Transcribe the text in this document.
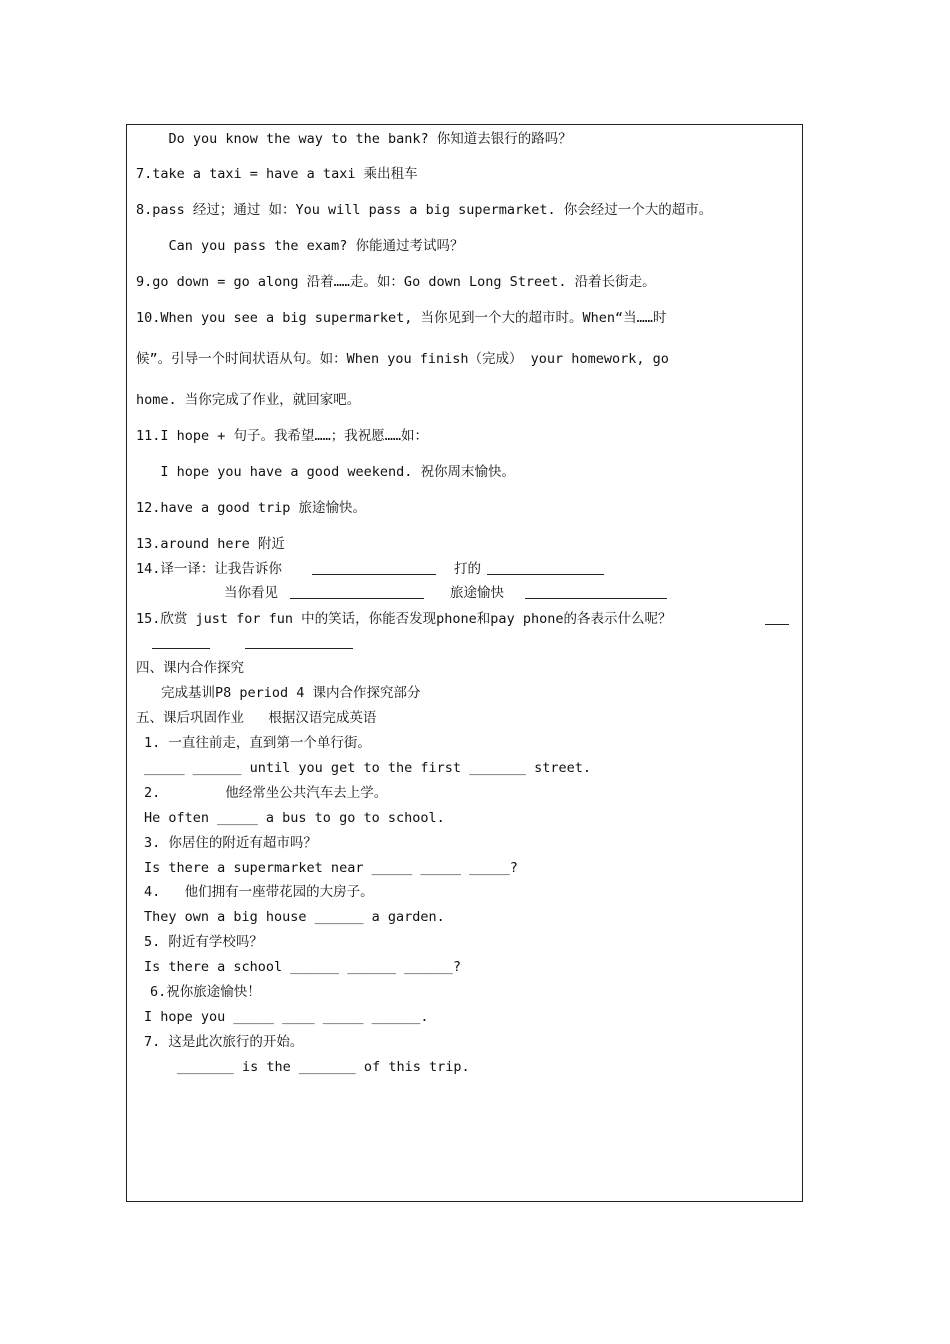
Do you know the way to the bank? 你知道去银行的路吗？
7.take a taxi = have a taxi 乘出租车
8.pass 经过；通过 如：You will pass a big supermarket. 你会经过一个大的超市。
Can you pass the exam? 你能通过考试吗？
9.go down = go along 沿着……走。如：Go down Long Street. 沿着长街走。
10.When you see a big supermarket, 当你见到一个大的超市时。When“当……时
候”。引导一个时间状语从句。如：When you finish（完成） your homework, go
home. 当你完成了作业，就回家吧。
11.I hope + 句子。我希望……；我祝愿……如：
I hope you have a good weekend. 祝你周末愉快。
12.have a good trip 旅途愉快。
13.around here 附近
14.译一译：让我告诉你	打的
当你看见	旅途愉快
15.欣赏 just for fun 中的笑话，你能否发现phone和pay phone的各表示什么呢？
四、课内合作探究
完成基训P8 period 4 课内合作探究部分
五、课后巩固作业   根据汉语完成英语
1. 一直往前走，直到第一个单行街。
_____ ______ until you get to the first _______ street.
2.        他经常坐公共汽车去上学。
He often _____ a bus to go to school.
3. 你居住的附近有超市吗？
Is there a supermarket near _____ _____ _____?
4.   他们拥有一座带花园的大房子。
They own a big house ______ a garden.
5. 附近有学校吗？
Is there a school ______ ______ ______?
6.祝你旅途愉快！
I hope you _____ ____ _____ ______.
7. 这是此次旅行的开始。
_______ is the _______ of this trip.
